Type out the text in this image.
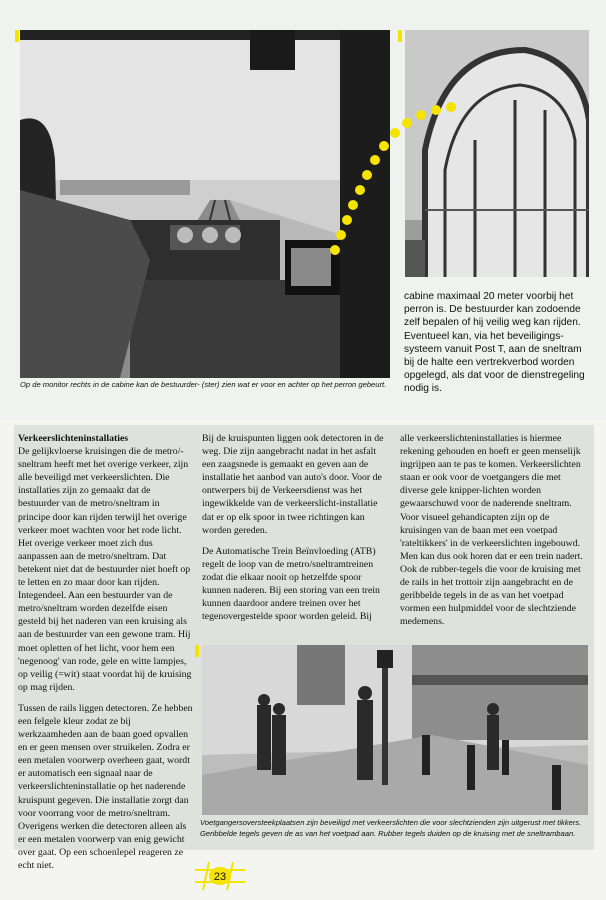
Op de monitor rechts in de cabine kan de bestuurder- (ster) zien wat er voor en achter op het perron gebeurt.
cabine maximaal 20 meter voorbij het perron is. De bestuurder kan zodoende zelf bepalen of hij veilig weg kan rijden. Eventueel kan, via het beveiligings-systeem vanuit Post T, aan de sneltram bij de halte een vertrekverbod worden opgelegd, als dat voor de dienstregeling nodig is.
Verkeerslichteninstallaties

De gelijkvloerse kruisingen die de metro/-sneltram heeft met het overige verkeer, zijn alle beveiligd met verkeerslichten. Die installaties zijn zo gemaakt dat de bestuurder van de metro/sneltram in principe door kan rijden terwijl het overige verkeer moet wachten voor het rode licht. Het overige verkeer moet zich dus aanpassen aan de metro/sneltram. Dat betekent niet dat de bestuurder niet hoeft op te letten en zo maar door kan rijden. Integendeel. Aan een bestuurder van de metro/sneltram worden dezelfde eisen gesteld bij het naderen van een kruising als aan de bestuurder van een gewone tram. Hij moet opletten of het licht, voor hem een 'negenoog' van rode, gele en witte lampjes, op veilig (=wit) staat voordat hij de kruising op mag rijden.

Tussen de rails liggen detectoren. Ze hebben een felgele kleur zodat ze bij werkzaamheden aan de baan goed opvallen en er geen mensen over struikelen. Zodra er een metalen voorwerp overheen gaat, wordt er automatisch een signaal naar de verkeerslichteninstallatie op het naderende kruispunt gegeven. Die installatie zorgt dan voor voorrang voor de metro/sneltram. Overigens werken die detectoren alleen als er een metalen voorwerp van enig gewicht over gaat. Op een schoenlepel reageren ze echt niet.

Bij de kruispunten liggen ook detectoren in de weg. Die zijn aangebracht nadat in het asfalt een zaagsnede is gemaakt en geven aan de installatie het aanbod van auto's door. Voor de ontwerpers bij de Verkeersdienst was het ingewikkelde van de verkeerslicht-installatie dat er op elk spoor in twee richtingen kan worden gereden.

De Automatische Trein Beïnvloeding (ATB) regelt de loop van de metro/sneltramtreinen zodat die elkaar nooit op hetzelfde spoor kunnen naderen. Bij een storing van een trein kunnen daardoor andere treinen over het tegenovergestelde spoor worden geleid. Bij

alle verkeerslichteninstallaties is hiermee rekening gehouden en hoeft er geen menselijk ingrijpen aan te pas te komen. Verkeerslichten staan er ook voor de voetgangers die met diverse gele knipper-lichten worden gewaarschuwd voor de naderende sneltram. Voor visueel gehandicapten zijn op de kruisingen van de baan met een voetpad 'rateltikkers' in de verkeerslichten ingebouwd. Men kan dus ook horen dat er een trein nadert. Ook de rubber-tegels die voor de kruising met de rails in het trottoir zijn aangebracht en de geribbelde tegels in de as van het voetpad vormen een hulpmiddel voor de slechtziende medemens.

Voetgangersoversteekplaatsen zijn beveiligd met verkeerslichten die voor slechtzienden zijn uitgerust met tikkers. Geribbelde tegels geven de as van het voetpad aan. Rubber tegels duiden op de kruising met de sneltrambaan.
23
